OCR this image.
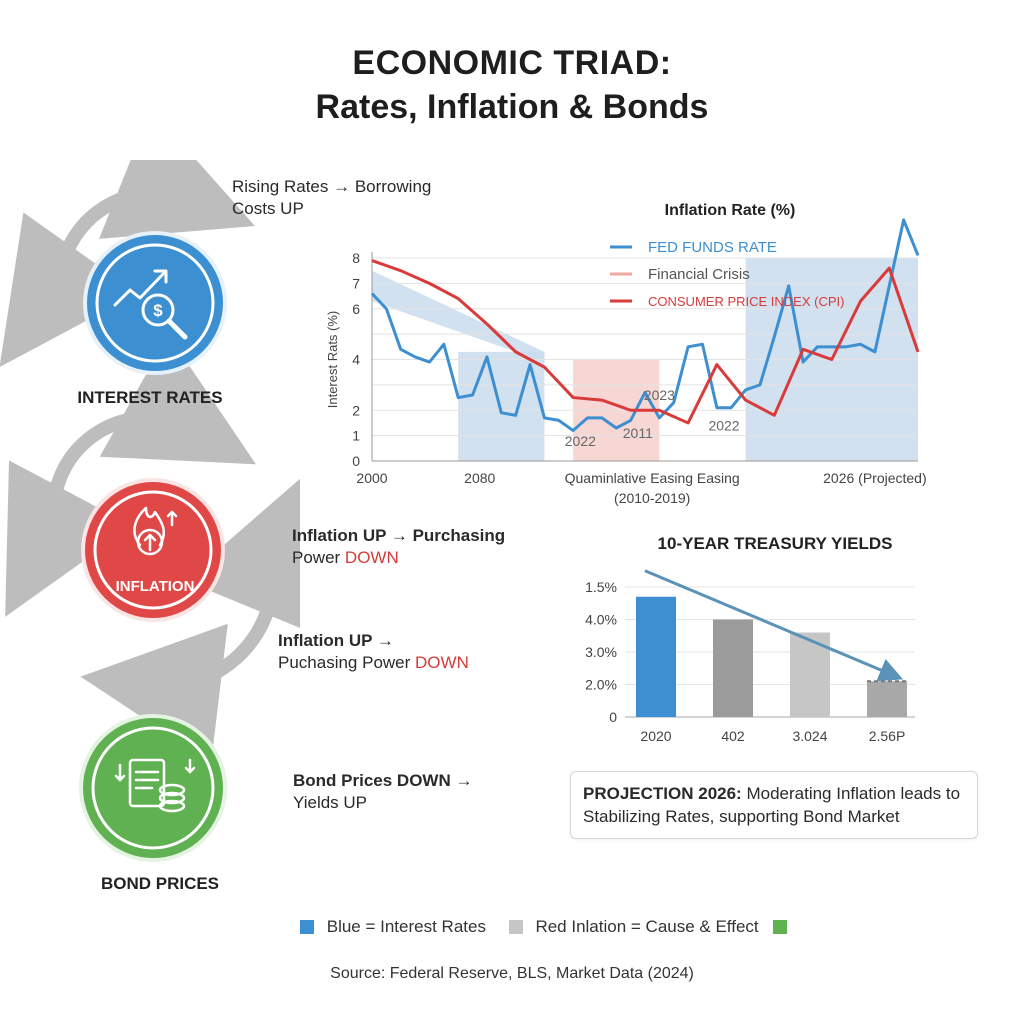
ECONOMIC TRIAD:
Rates, Inflation & Bonds
$
INTEREST RATES
INFLATION
BOND PRICES
Rising Rates → Borrowing
Costs UP
Inflation UP → Purchasing
Power DOWN
Inflation UP →
Puchasing Power DOWN
Bond Prices DOWN →
Yields UP
Inflation Rate (%)
0
1
2
4
6
7
8
Interest Rats (%)
2000	2080	Quaminlative Easing Easing
(2010-2019)
2026 (Projected)
2022
2023
2011	2022
FED FUNDS RATE
Financial Crisis
CONSUMER PRICE INDEX (CPI)
10-YEAR TREASURY YIELDS
0
2.0%
3.0%
4.0%
1.5%
2020	402	3.024	2.56P
PROJECTION 2026: Moderating Inflation leads to Stabilizing Rates, supporting Bond Market
Blue = Interest Rates	Red Inlation = Cause & Effect
Source: Federal Reserve, BLS, Market Data (2024)
